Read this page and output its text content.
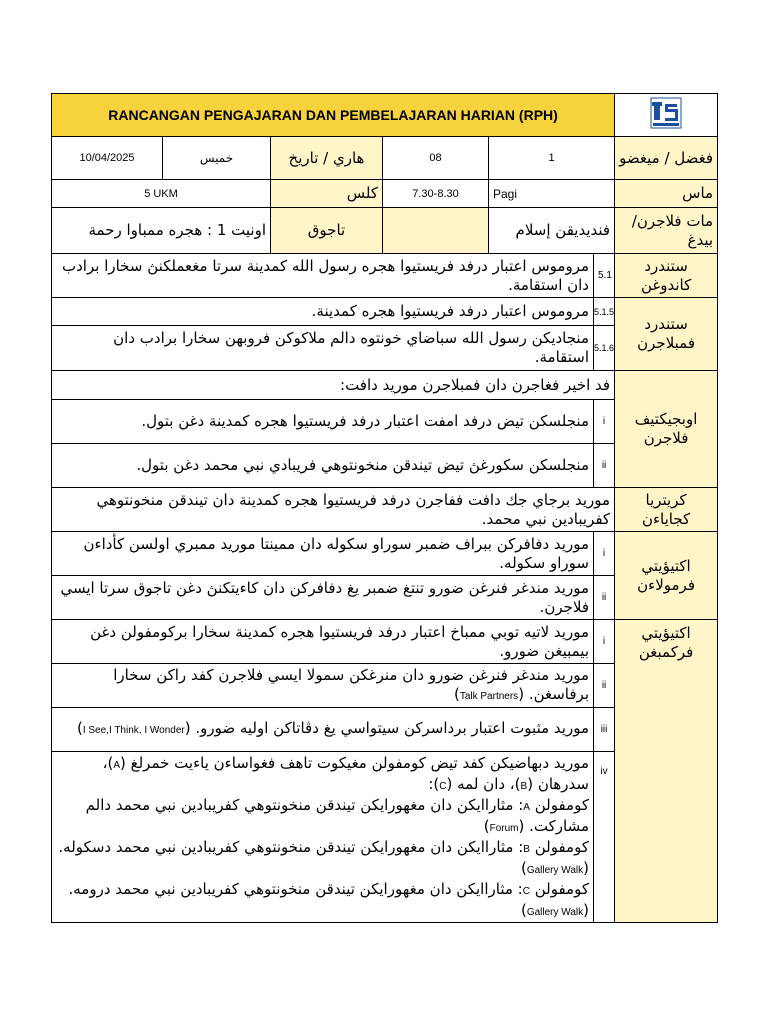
RANCANGAN PENGAJARAN DAN PEMBELAJARAN HARIAN (RPH)	
10/04/2025	خميس	هاري / تاريخ	08	1		فغضل / ميغضو
5 UKM		كلس	7.30-8.30	Pagi		ماس
اونيت 1 : هجره ممباوا رحمة		تاجوق		فنديديقن إسلام		مات فلاجرن/ بيدغ
مروموس اعتبار درفد فريستيوا هجره رسول الله كمدينة سرتا مغعملكنڽ سخارا برادب دان استقامة.					5.1	ستندرد كاندوغن
مروموس اعتبار درفد فريستيوا هجره كمدينة.					5.1.5	ستندرد فمبلاجرن
منجاديكن رسول الله سباضاي خونتوه دالم ملاكوكن فروبهن سخارا برادب دان استقامة.					5.1.6	
فد اخير فغاجرن دان فمبلاجرن موريد دافت:						اوبجيكتيف فلاجرن
منجلسكن تيض درفد امفت اعتبار درفد فريستيوا هجره كمدينة دغن بتول.					i	
منجلسكن سكورغڽ تيض تيندقن منخونتوهي فريبادي نبي محمد دغن بتول.					ii	
موريد برجاي جك دافت ففاجرن درفد فريستيوا هجره كمدينة دان تيندقن منخونتوهي كفريبادين نبي محمد.						كريتريا كجاياءن
موريد دفافركن ببراف ضمبر سوراو سكوله دان ممينتا موريد ممبري اولسن كأداءن سوراو سكوله.					i	اكتيؤيتي فرمولاءن
موريد مندغر فنرغن ضورو تنتغ ضمبر يغ دفافركن دان كاءيتكنڽ دغن تاجوق سرتا ايسي فلاجرن.					ii	
موريد لاتيه توبي ممباخ اعتبار درفد فريستيوا هجره كمدينة سخارا بركومفولن دغن بيمبيغن ضورو.					i	اكتيؤيتي فركمبغن
موريد مندغر فنرغن ضورو دان منرغكن سمولا ايسي فلاجرن كفد راكن سخارا برفاسغن. (Talk Partners)					ii	
موريد مثبوت اعتبار برداسركن سيتواسي يغ دڤاتاكن اوليه ضورو. (I See,I Think, I Wonder)					iii	

موريد دبهاضيكن كفد تيض كومفولن مغيكوت تاهف فغواساءن ياءيت خمرلغ (A)، سدرهان (B)، دان لمه (C):
كومفولن A: مثاراايكن دان مغهورايكن تيندقن منخونتوهي كفريبادين نبي محمد دالم مشاركت. (Forum)
كومفولن B: مثاراايكن دان مغهورايكن تيندقن منخونتوهي كفريبادين نبي محمد دسكوله. (Gallery Walk)
كومفولن C: مثاراايكن دان مغهورايكن تيندقن منخونتوهي كفريبادين نبي محمد درومه. (Gallery Walk)					iv	
